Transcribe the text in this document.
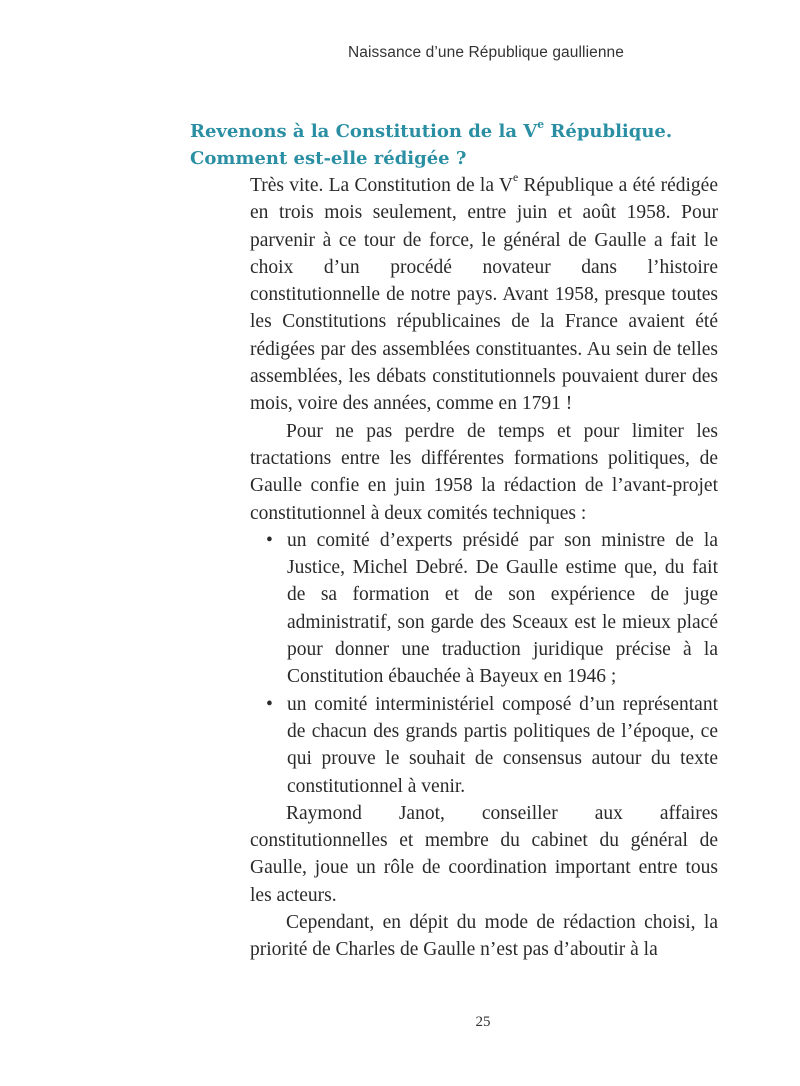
Naissance d’une République gaullienne
Revenons à la Constitution de la Ve République.
Comment est-elle rédigée ?

Très vite. La Constitution de la Ve République a été rédigée en trois mois seulement, entre juin et août 1958. Pour parvenir à ce tour de force, le général de Gaulle a fait le choix d’un procédé novateur dans l’histoire constitutionnelle de notre pays. Avant 1958, presque toutes les Constitutions républicaines de la France avaient été rédigées par des assemblées constituantes. Au sein de telles assemblées, les débats constitutionnels pouvaient durer des mois, voire des années, comme en 1791 !

Pour ne pas perdre de temps et pour limiter les tractations entre les différentes formations politiques, de Gaulle confie en juin 1958 la rédaction de l’avant-projet constitutionnel à deux comités techniques :

• un comité d’experts présidé par son ministre de la Justice, Michel Debré. De Gaulle estime que, du fait de sa formation et de son expérience de juge administratif, son garde des Sceaux est le mieux placé pour donner une traduction juridique précise à la Constitution ébauchée à Bayeux en 1946 ;
• un comité interministériel composé d’un représentant de chacun des grands partis politiques de l’époque, ce qui prouve le souhait de consensus autour du texte constitutionnel à venir.

Raymond Janot, conseiller aux affaires constitutionnelles et membre du cabinet du général de Gaulle, joue un rôle de coordination important entre tous les acteurs.

Cependant, en dépit du mode de rédaction choisi, la priorité de Charles de Gaulle n’est pas d’aboutir à la

25
